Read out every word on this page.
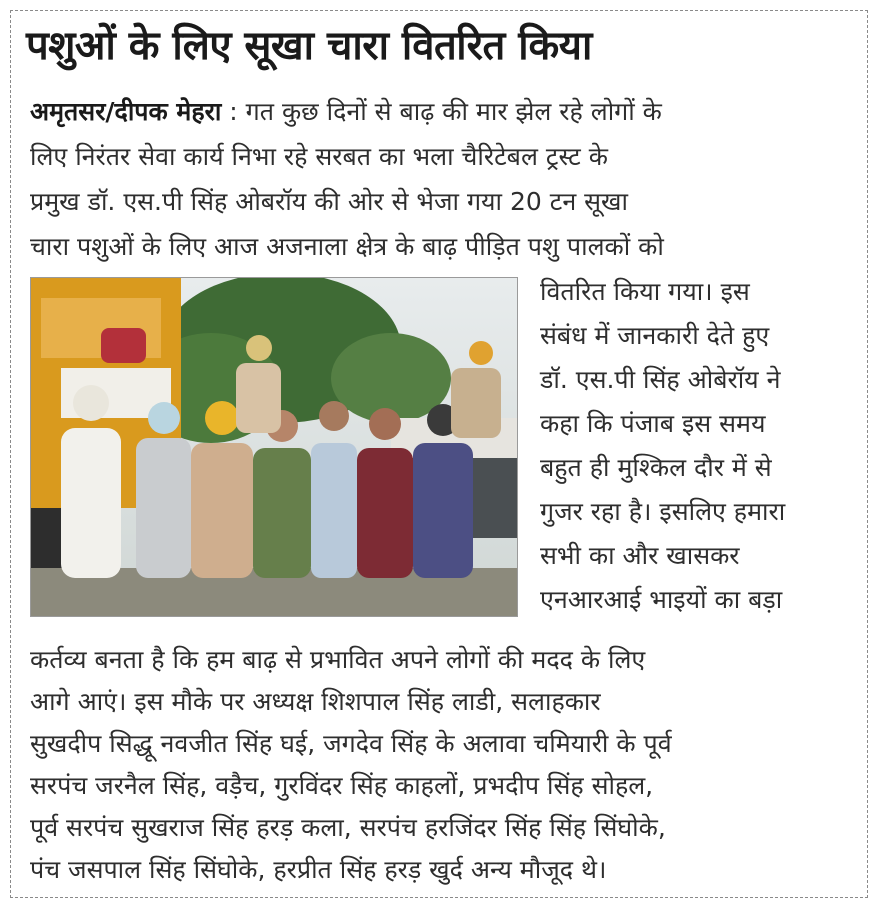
पशुओं के लिए सूखा चारा वितरित किया
अमृतसर/दीपक मेहरा : गत कुछ दिनों से बाढ़ की मार झेल रहे लोगों के
लिए निरंतर सेवा कार्य निभा रहे सरबत का भला चैरिटेबल ट्रस्ट के
प्रमुख डॉ. एस.पी सिंह ओबरॉय की ओर से भेजा गया 20 टन सूखा
चारा पशुओं के लिए आज अजनाला क्षेत्र के बाढ़ पीड़ित पशु पालकों को
वितरित किया गया। इस
संबंध में जानकारी देते हुए
डॉ. एस.पी सिंह ओबेरॉय ने
कहा कि पंजाब इस समय
बहुत ही मुश्किल दौर में से
गुजर रहा है। इसलिए हमारा
सभी का और खासकर
एनआरआई भाइयों का बड़ा
कर्तव्य बनता है कि हम बाढ़ से प्रभावित अपने लोगों की मदद के लिए
आगे आएं। इस मौके पर अध्यक्ष शिशपाल सिंह लाडी, सलाहकार
सुखदीप सिद्धू नवजीत सिंह घई, जगदेव सिंह के अलावा चमियारी के पूर्व
सरपंच जरनैल सिंह, वड़ैच, गुरविंदर सिंह काहलों, प्रभदीप सिंह सोहल,
पूर्व सरपंच सुखराज सिंह हरड़ कला, सरपंच हरजिंदर सिंह सिंह सिंघोके,
पंच जसपाल सिंह सिंघोके, हरप्रीत सिंह हरड़ खुर्द अन्य मौजूद थे।
